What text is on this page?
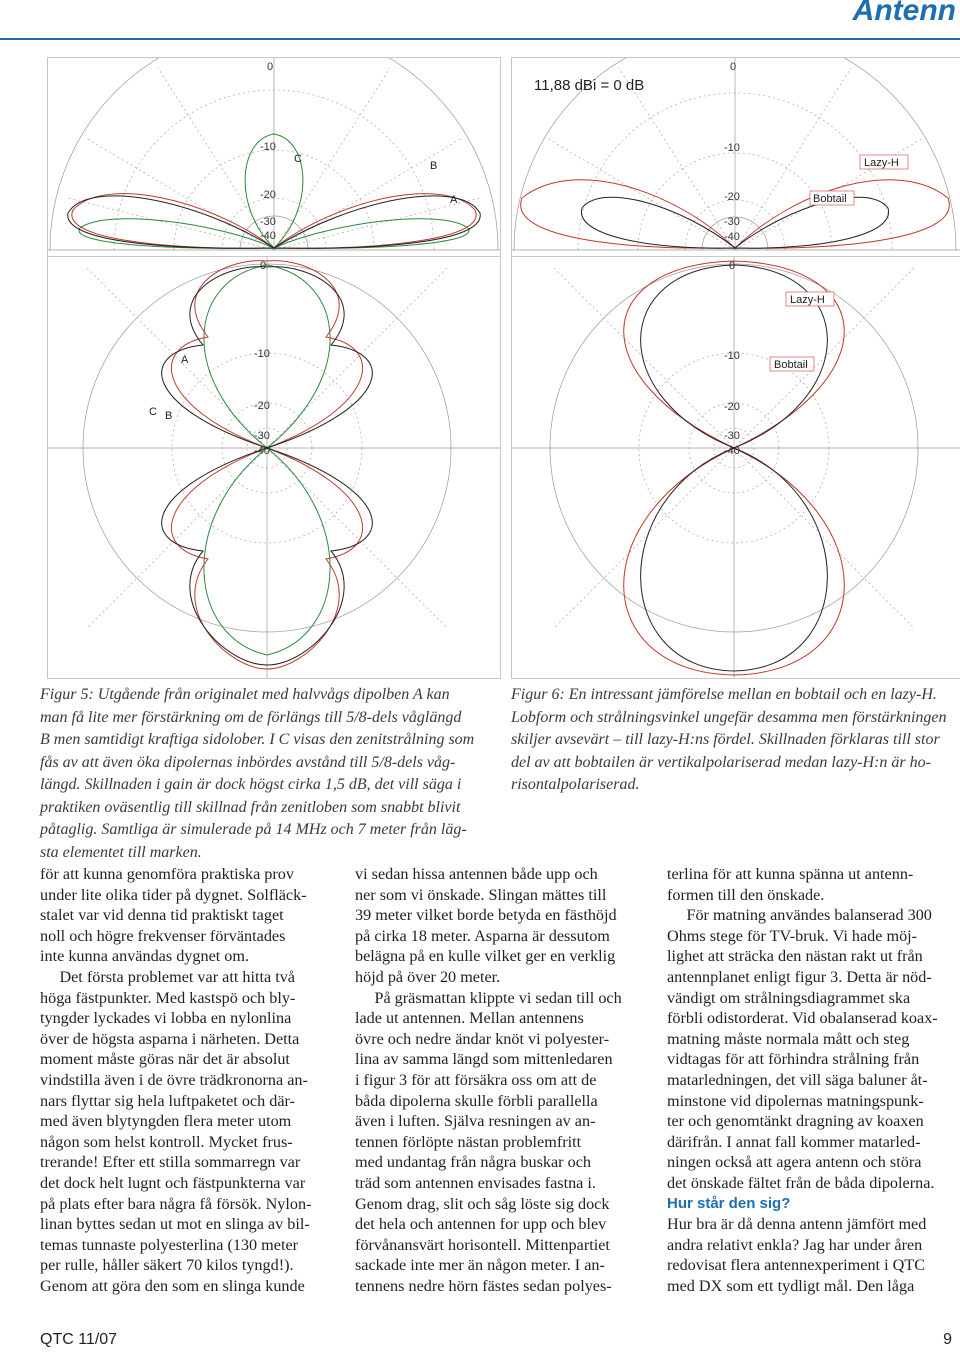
Antenn
0
-10
-20
-30
-40
C
B
A
0
-10
-20
-30
-40
A
C B
11,88 dBi = 0 dB
0
-10
-20
-30
-40
Lazy-H
Bobtail
0
-10
-20
-30
-40
Lazy-H
Bobtail
Figur 5: Utgående från originalet med halvvågs dipolben A kan
man få lite mer förstärkning om de förlängs till 5/8-dels våglängd
B men samtidigt kraftiga sidolober. I C visas den zenitstrålning som
fås av att även öka dipolernas inbördes avstånd till 5/8-dels våg-
längd. Skillnaden i gain är dock högst cirka 1,5 dB, det vill säga i
praktiken oväsentlig till skillnad från zenitloben som snabbt blivit
påtaglig. Samtliga är simulerade på 14 MHz och 7 meter från läg-
sta elementet till marken.
Figur 6: En intressant jämförelse mellan en bobtail och en lazy-H.
Lobform och strålningsvinkel ungefär desamma men förstärkningen
skiljer avsevärt – till lazy-H:ns fördel. Skillnaden förklaras till stor
del av att bobtailen är vertikalpolariserad medan lazy-H:n är ho-
risontalpolariserad.

för att kunna genomföra praktiska prov

under lite olika tider på dygnet. Solfläck-

stalet var vid denna tid praktiskt taget

noll och högre frekvenser förväntades

inte kunna användas dygnet om.

Det första problemet var att hitta två

höga fästpunkter. Med kastspö och bly-

tyngder lyckades vi lobba en nylonlina

över de högsta asparna i närheten. Detta

moment måste göras när det är absolut

vindstilla även i de övre trädkronorna an-

nars flyttar sig hela luftpaketet och där-

med även blytyngden flera meter utom

någon som helst kontroll. Mycket frus-

trerande! Efter ett stilla sommarregn var

det dock helt lugnt och fästpunkterna var

på plats efter bara några få försök. Nylon-

linan byttes sedan ut mot en slinga av bil-

temas tunnaste polyesterlina (130 meter

per rulle, håller säkert 70 kilos tyngd!).

Genom att göra den som en slinga kunde

vi sedan hissa antennen både upp och

ner som vi önskade. Slingan mättes till

39 meter vilket borde betyda en fästhöjd

på cirka 18 meter. Asparna är dessutom

belägna på en kulle vilket ger en verklig

höjd på över 20 meter.

På gräsmattan klippte vi sedan till och

lade ut antennen. Mellan antennens

övre och nedre ändar knöt vi polyester-

lina av samma längd som mittenledaren

i figur 3 för att försäkra oss om att de

båda dipolerna skulle förbli parallella

även i luften. Själva resningen av an-

tennen förlöpte nästan problemfritt

med undantag från några buskar och

träd som antennen envisades fastna i.

Genom drag, slit och såg löste sig dock

det hela och antennen for upp och blev

förvånansvärt horisontell. Mittenpartiet

sackade inte mer än någon meter. I an-

tennens nedre hörn fästes sedan polyes-

terlina för att kunna spänna ut antenn-

formen till den önskade.

För matning användes balanserad 300

Ohms stege för TV-bruk. Vi hade möj-

lighet att sträcka den nästan rakt ut från

antennplanet enligt figur 3. Detta är nöd-

vändigt om strålningsdiagrammet ska

förbli odistorderat. Vid obalanserad koax-

matning måste normala mått och steg

vidtagas för att förhindra strålning från

matarledningen, det vill säga baluner åt-

minstone vid dipolernas matningspunk-

ter och genomtänkt dragning av koaxen

därifrån. I annat fall kommer matarled-

ningen också att agera antenn och störa

det önskade fältet från de båda dipolerna.

Hur står den sig?

Hur bra är då denna antenn jämfört med

andra relativt enkla? Jag har under åren

redovisat flera antennexperiment i QTC

med DX som ett tydligt mål. Den låga

QTC 11/07	9
